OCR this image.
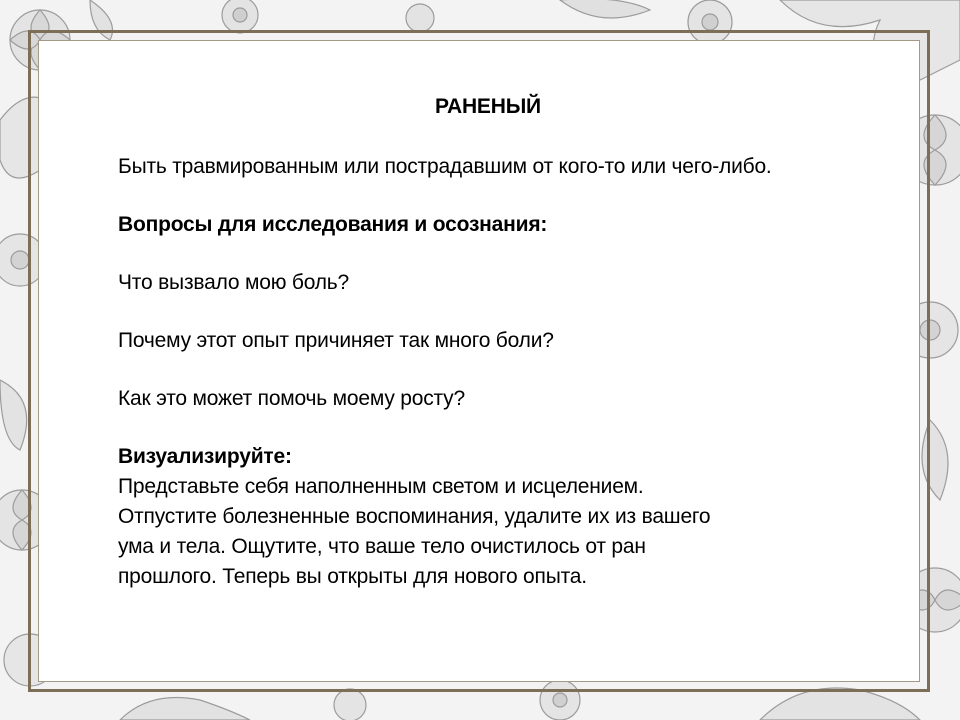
РАНЕНЫЙ

Быть травмированным или пострадавшим от кого-то или чего-либо.

Вопросы для исследования и осознания:

Что вызвало мою боль?

Почему этот опыт причиняет так много боли?

Как это может помочь моему росту?

Визуализируйте:
Представьте себя наполненным светом и исцелением.
Отпустите болезненные воспоминания, удалите их из вашего
ума и тела. Ощутите, что ваше тело очистилось от ран
прошлого. Теперь вы открыты для нового опыта.
